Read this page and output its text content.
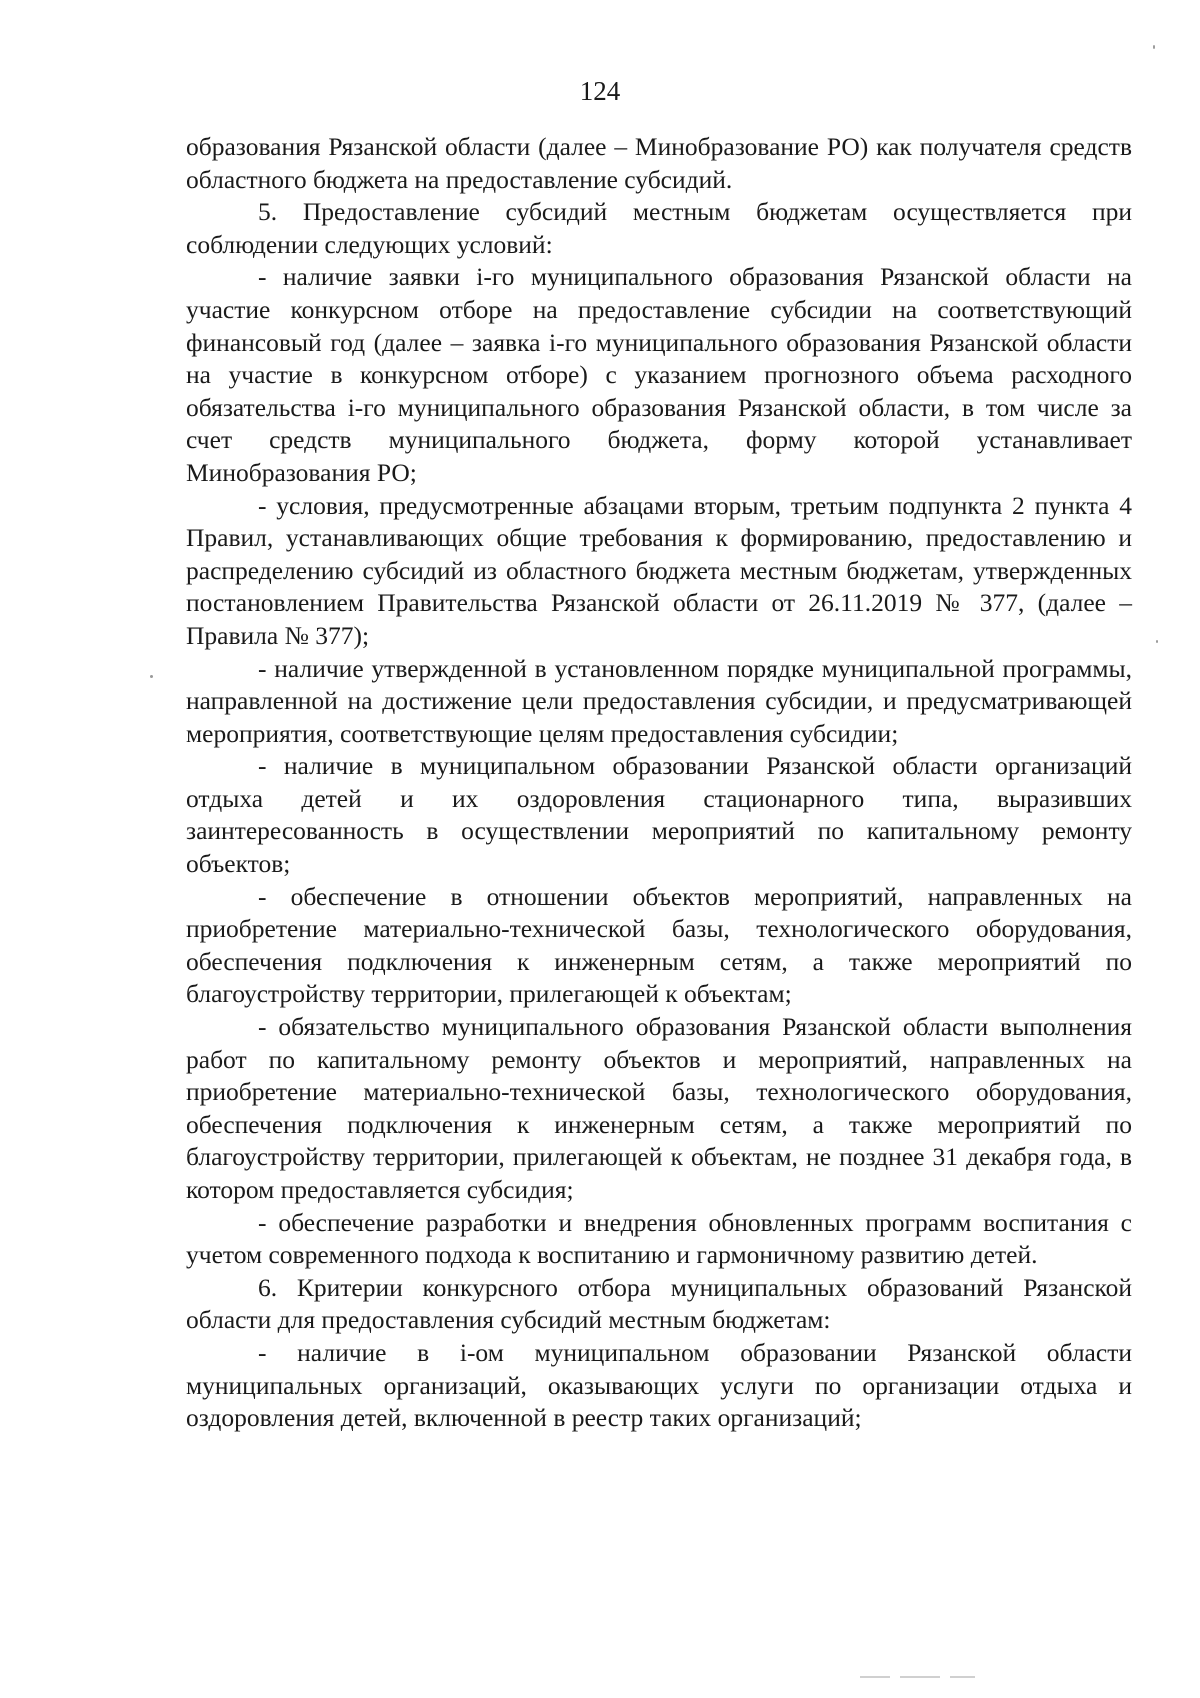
124

образования Рязанской области (далее – Минобразование РО) как получателя средств областного бюджета на предоставление субсидий.

5. Предоставление субсидий местным бюджетам осуществляется при соблюдении следующих условий:

- наличие заявки i-го муниципального образования Рязанской области на участие конкурсном отборе на предоставление субсидии на соответствующий финансовый год (далее – заявка i-го муниципального образования Рязанской области на участие в конкурсном отборе) с указанием прогнозного объема расходного обязательства i-го муниципального образования Рязанской области, в том числе за счет средств муниципального бюджета, форму которой устанавливает Минобразования РО;

- условия, предусмотренные абзацами вторым, третьим подпункта 2 пункта 4 Правил, устанавливающих общие требования к формированию, предоставлению и распределению субсидий из областного бюджета местным бюджетам, утвержденных постановлением Правительства Рязанской области от 26.11.2019 № 377, (далее – Правила № 377);

- наличие утвержденной в установленном порядке муниципальной программы, направленной на достижение цели предоставления субсидии, и предусматривающей мероприятия, соответствующие целям предоставления субсидии;

- наличие в муниципальном образовании Рязанской области организаций отдыха детей и их оздоровления стационарного типа, выразивших заинтересованность в осуществлении мероприятий по капитальному ремонту объектов;

- обеспечение в отношении объектов мероприятий, направленных на приобретение материально-технической базы, технологического оборудования, обеспечения подключения к инженерным сетям, а также мероприятий по благоустройству территории, прилегающей к объектам;

- обязательство муниципального образования Рязанской области выполнения работ по капитальному ремонту объектов и мероприятий, направленных на приобретение материально-технической базы, технологического оборудования, обеспечения подключения к инженерным сетям, а также мероприятий по благоустройству территории, прилегающей к объектам, не позднее 31 декабря года, в котором предоставляется субсидия;

- обеспечение разработки и внедрения обновленных программ воспитания с учетом современного подхода к воспитанию и гармоничному развитию детей.

6. Критерии конкурсного отбора муниципальных образований Рязанской области для предоставления субсидий местным бюджетам:

- наличие в i-ом муниципальном образовании Рязанской области муниципальных организаций, оказывающих услуги по организации отдыха и оздоровления детей, включенной в реестр таких организаций;
